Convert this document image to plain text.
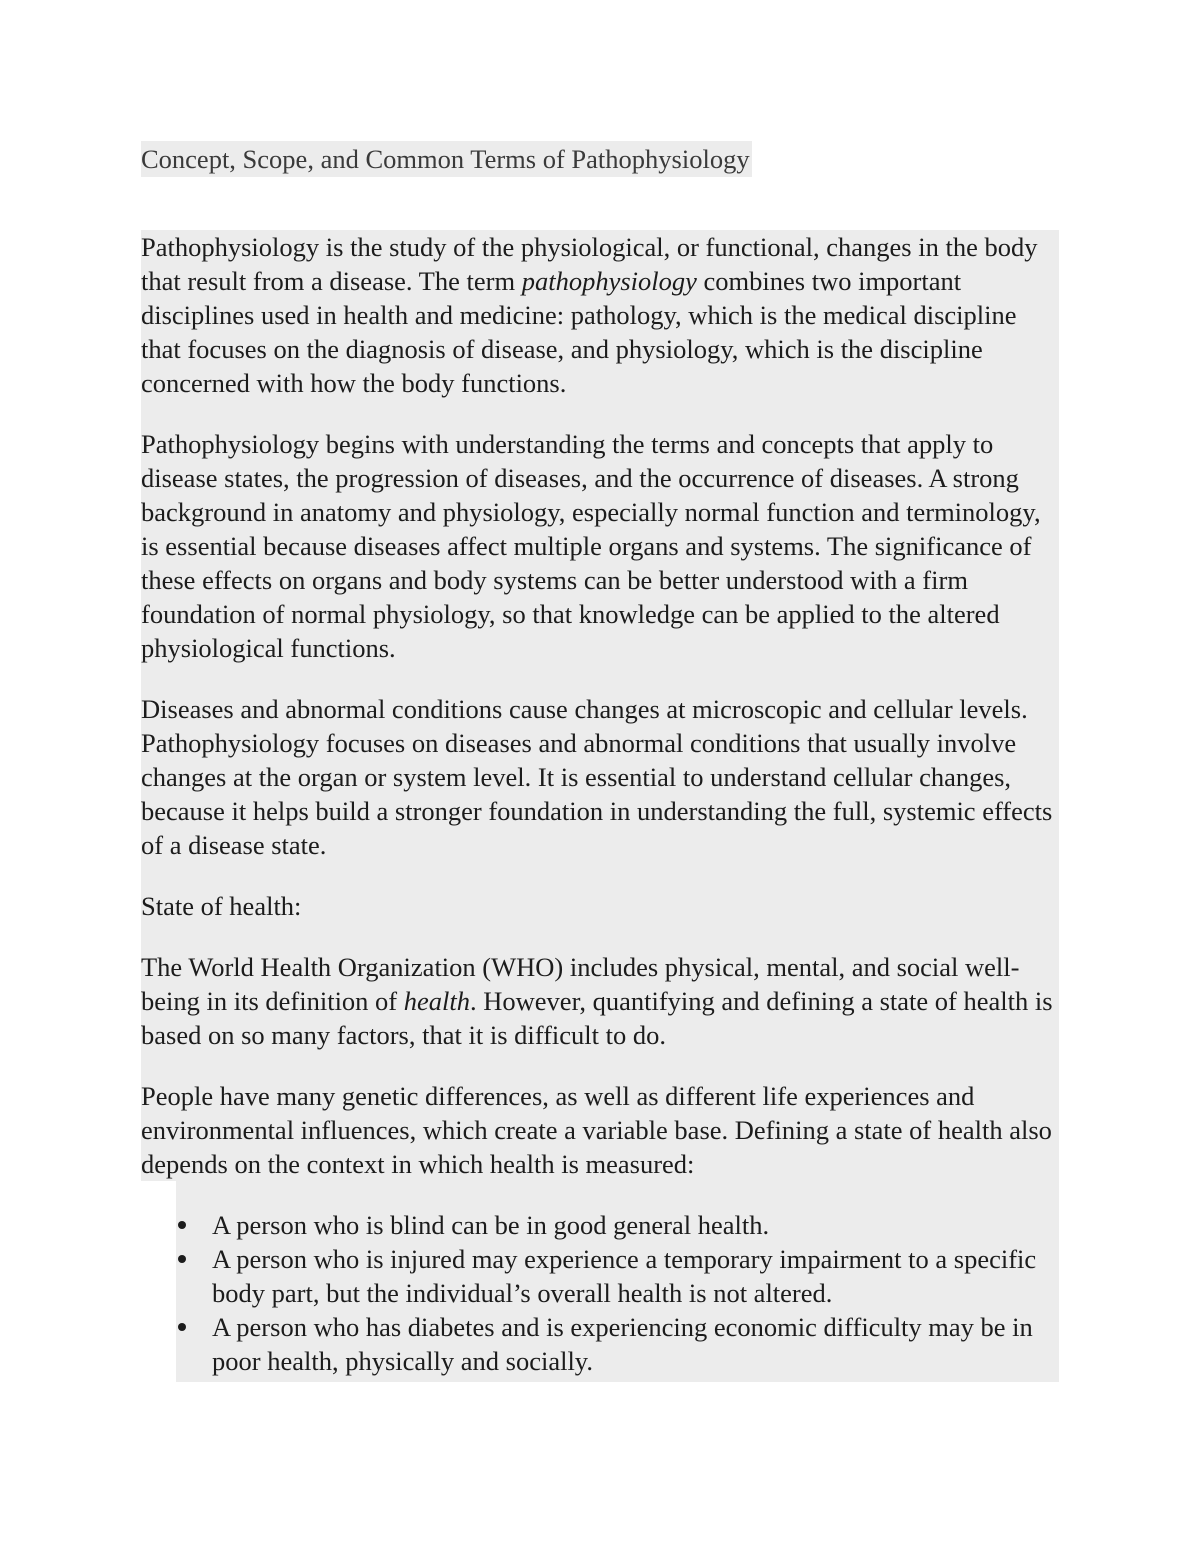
Concept, Scope, and Common Terms of Pathophysiology

Pathophysiology is the study of the physiological, or functional, changes in the body that result from a disease. The term pathophysiology combines two important disciplines used in health and medicine: pathology, which is the medical discipline that focuses on the diagnosis of disease, and physiology, which is the discipline concerned with how the body functions.

Pathophysiology begins with understanding the terms and concepts that apply to disease states, the progression of diseases, and the occurrence of diseases. A strong background in anatomy and physiology, especially normal function and terminology, is essential because diseases affect multiple organs and systems. The significance of these effects on organs and body systems can be better understood with a firm foundation of normal physiology, so that knowledge can be applied to the altered physiological functions.

Diseases and abnormal conditions cause changes at microscopic and cellular levels. Pathophysiology focuses on diseases and abnormal conditions that usually involve changes at the organ or system level. It is essential to understand cellular changes, because it helps build a stronger foundation in understanding the full, systemic effects of a disease state.

State of health:

The World Health Organization (WHO) includes physical, mental, and social well-being in its definition of health. However, quantifying and defining a state of health is based on so many factors, that it is difficult to do.

People have many genetic differences, as well as different life experiences and environmental influences, which create a variable base. Defining a state of health also depends on the context in which health is measured:

A person who is blind can be in good general health.
A person who is injured may experience a temporary impairment to a specific body part, but the individual’s overall health is not altered.
A person who has diabetes and is experiencing economic difficulty may be in poor health, physically and socially.
